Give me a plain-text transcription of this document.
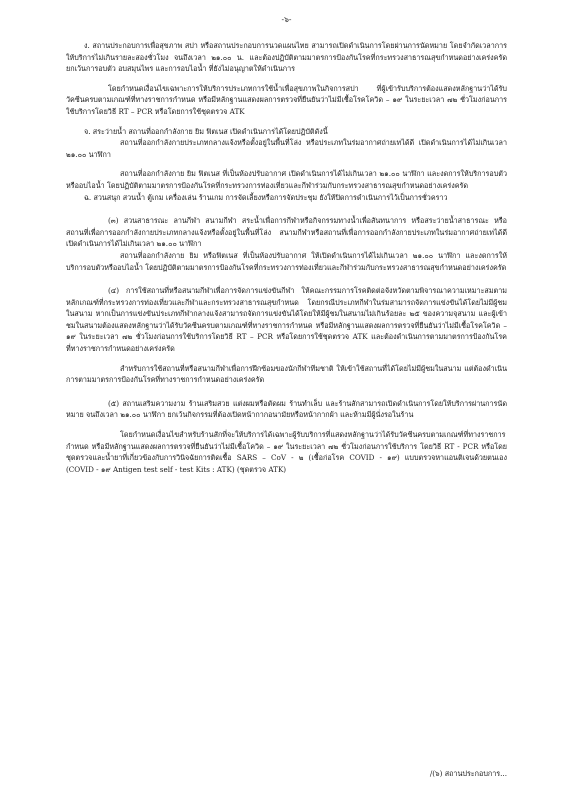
-๖-

ง. สถานประกอบการเพื่อสุขภาพ สปา หรือสถานประกอบการนวดแผนไทย สามารถเปิดดำเนินการโดยผ่านการนัดหมาย โดยจำกัดเวลาการให้บริการไม่เกินรายละสองชั่วโมง จนถึงเวลา ๒๑.๐๐ น. และต้องปฏิบัติตามมาตรการป้องกันโรคที่กระทรวงสาธารณสุขกำหนดอย่างเคร่งครัด ยกเว้นการอบตัว อบสมุนไพร และการอบไอน้ำ ที่ยังไม่อนุญาตให้ดำเนินการ

โดยกำหนดเงื่อนไขเฉพาะการให้บริการประเภทการใช้น้ำเพื่อสุขภาพในกิจการสปา ที่ผู้เข้ารับบริการต้องแสดงหลักฐานว่าได้รับวัคซีนครบตามเกณฑ์ที่ทางราชการกำหนด หรือมีหลักฐานแสดงผลการตรวจที่ยืนยันว่าไม่มีเชื้อโรคโควิด – ๑๙ ในระยะเวลา ๗๒ ชั่วโมงก่อนการใช้บริการโดยวิธี RT – PCR หรือโดยการใช้ชุดตรวจ ATK

จ. สระว่ายน้ำ สถานที่ออกกำลังกาย ยิม ฟิตเนส เปิดดำเนินการได้โดยปฏิบัติดังนี้

สถานที่ออกกำลังกายประเภทกลางแจ้งหรือตั้งอยู่ในพื้นที่โล่ง หรือประเภทในร่มอากาศถ่ายเทได้ดี เปิดดำเนินการได้ไม่เกินเวลา ๒๑.๐๐ นาฬิกา

สถานที่ออกกำลังกาย ยิม ฟิตเนส ที่เป็นห้องปรับอากาศ เปิดดำเนินการได้ไม่เกินเวลา ๒๑.๐๐ นาฬิกา และงดการให้บริการอบตัวหรืออบไอน้ำ โดยปฏิบัติตามมาตรการป้องกันโรคที่กระทรวงการท่องเที่ยวและกีฬาร่วมกับกระทรวงสาธารณสุขกำหนดอย่างเคร่งครัด

ฉ. สวนสนุก สวนน้ำ ตู้เกม เครื่องเล่น ร้านเกม การจัดเลี้ยงหรือการจัดประชุม ยังให้ปิดการดำเนินการไว้เป็นการชั่วคราว

(๓) สวนสาธารณะ ลานกีฬา สนามกีฬา สระน้ำเพื่อการกีฬาหรือกิจกรรมทางน้ำเพื่อสันทนาการ หรือสระว่ายน้ำสาธารณะ หรือสถานที่เพื่อการออกกำลังกายประเภทกลางแจ้งหรือตั้งอยู่ในพื้นที่โล่ง สนามกีฬาหรือสถานที่เพื่อการออกกำลังกายประเภทในร่มอากาศถ่ายเทได้ดี เปิดดำเนินการได้ไม่เกินเวลา ๒๑.๐๐ นาฬิกา

สถานที่ออกกำลังกาย ยิม หรือฟิตเนส ที่เป็นห้องปรับอากาศ ให้เปิดดำเนินการได้ไม่เกินเวลา ๒๑.๐๐ นาฬิกา และงดการให้บริการอบตัวหรืออบไอน้ำ โดยปฏิบัติตามมาตรการป้องกันโรคที่กระทรวงการท่องเที่ยวและกีฬาร่วมกับกระทรวงสาธารณสุขกำหนดอย่างเคร่งครัด

(๔) การใช้สถานที่หรือสนามกีฬาเพื่อการจัดการแข่งขันกีฬา ให้คณะกรรมการโรคติดต่อจังหวัดตามพิจารณาความเหมาะสมตามหลักเกณฑ์ที่กระทรวงการท่องเที่ยวและกีฬาและกระทรวงสาธารณสุขกำหนด โดยกรณีประเภทกีฬาในร่มสามารถจัดการแข่งขันได้โดยไม่มีผู้ชมในสนาม หากเป็นการแข่งขันประเภทกีฬากลางแจ้งสามารถจัดการแข่งขันได้โดยให้มีผู้ชมในสนามไม่เกินร้อยละ ๒๕ ของความจุสนาม และผู้เข้าชมในสนามต้องแสดงหลักฐานว่าได้รับวัคซีนครบตามเกณฑ์ที่ทางราชการกำหนด หรือมีหลักฐานแสดงผลการตรวจที่ยืนยันว่าไม่มีเชื้อโรคโควิด – ๑๙ ในระยะเวลา ๗๒ ชั่วโมงก่อนการใช้บริการโดยวิธี RT – PCR หรือโดยการใช้ชุดตรวจ ATK และต้องดำเนินการตามมาตรการป้องกันโรคที่ทางราชการกำหนดอย่างเคร่งครัด

สำหรับการใช้สถานที่หรือสนามกีฬาเพื่อการฝึกซ้อมของนักกีฬาทีมชาติ ให้เข้าใช้สถานที่ได้โดยไม่มีผู้ชมในสนาม แต่ต้องดำเนินการตามมาตรการป้องกันโรคที่ทางราชการกำหนดอย่างเคร่งครัด

(๕) สถานเสริมความงาม ร้านเสริมสวย แต่งผมหรือตัดผม ร้านทำเล็บ และร้านสักสามารถเปิดดำเนินการโดยให้บริการผ่านการนัดหมาย จนถึงเวลา ๒๑.๐๐ นาฬิกา ยกเว้นกิจกรรมที่ต้องเปิดหน้ากากอนามัยหรือหน้ากากผ้า และห้ามมีผู้นั่งรอในร้าน

โดยกำหนดเงื่อนไขสำหรับร้านสักที่จะให้บริการได้เฉพาะผู้รับบริการที่แสดงหลักฐานว่าได้รับวัคซีนครบตามเกณฑ์ที่ทางราชการกำหนด หรือมีหลักฐานแสดงผลการตรวจที่ยืนยันว่าไม่มีเชื้อโควิด – ๑๙ ในระยะเวลา ๗๒ ชั่วโมงก่อนการใช้บริการ โดยวิธี RT - PCR หรือโดยชุดตรวจและน้ำยาที่เกี่ยวข้องกับการวินิจฉัยการติดเชื้อ SARS – CoV - ๒ (เชื้อก่อโรค COVID - ๑๙) แบบตรวจหาแอนติเจนด้วยตนเอง (COVID - ๑๙ Antigen test self - test Kits : ATK) (ชุดตรวจ ATK)

/(๖) สถานประกอบการ...
